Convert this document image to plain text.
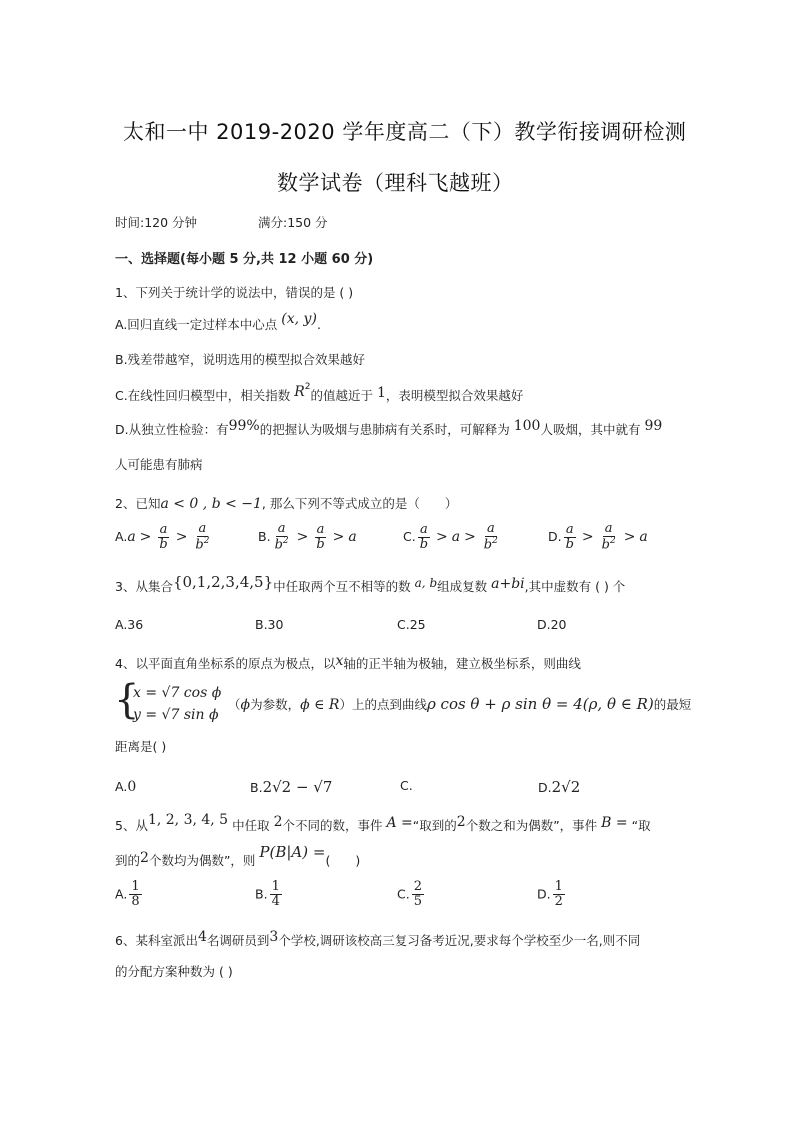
太和一中 2019-2020 学年度高二（下）教学衔接调研检测
数学试卷（理科飞越班）
时间:120 分钟	满分:150 分
一、选择题(每小题 5 分,共 12 小题 60 分)
1、下列关于统计学的说法中，错误的是 ( )
A.回归直线一定过样本中心点 (x, y).
B.残差带越窄，说明选用的模型拟合效果越好
C.在线性回归模型中，相关指数 $R^2$的值越近于 1，表明模型拟合效果越好
D.从独立性检验：有99%的把握认为吸烟与患肺病有关系时，可解释为 100人吸烟，其中就有 99
人可能患有肺病
2、已知a < 0 , b < −1, 那么下列不等式成立的是（　　）
$A.a > \frac{a}{b} > \frac{a}{b^2}$	B. $\frac{a}{b^2} > \frac{a}{b} > a$	C. $\frac{a}{b} > a > \frac{a}{b^2}$	D. $\frac{a}{b} > \frac{a}{b^2} > a$
3、从集合{0,1,2,3,4,5}中任取两个互不相等的数 a, b组成复数 a+bi,其中虚数有 ( ) 个
A.36	B.30	C.25	D.20
4、以平面直角坐标系的原点为极点，以x轴的正半轴为极轴，建立极坐标系，则曲线
{
x = √7 cos ϕ
y = √7 sin ϕ
（ϕ为参数，ϕ ∈ R）上的点到曲线ρ cos θ + ρ sin θ = 4(ρ, θ ∈ R)的最短
距离是( )
A.0	B.2√2 − √7	C.	D.2√2
5、从1, 2, 3, 4, 5 中任取 2个不同的数，事件 A =“取到的2个数之和为偶数”，事件 B = “取
到的2个数均为偶数”，则 P(B|A) =(　　)
A. $\frac{1}{8}$	B. $\frac{1}{4}$	C. $\frac{2}{5}$	D. $\frac{1}{2}$
6、某科室派出4名调研员到3个学校,调研该校高三复习备考近况,要求每个学校至少一名,则不同
的分配方案种数为 ( )
